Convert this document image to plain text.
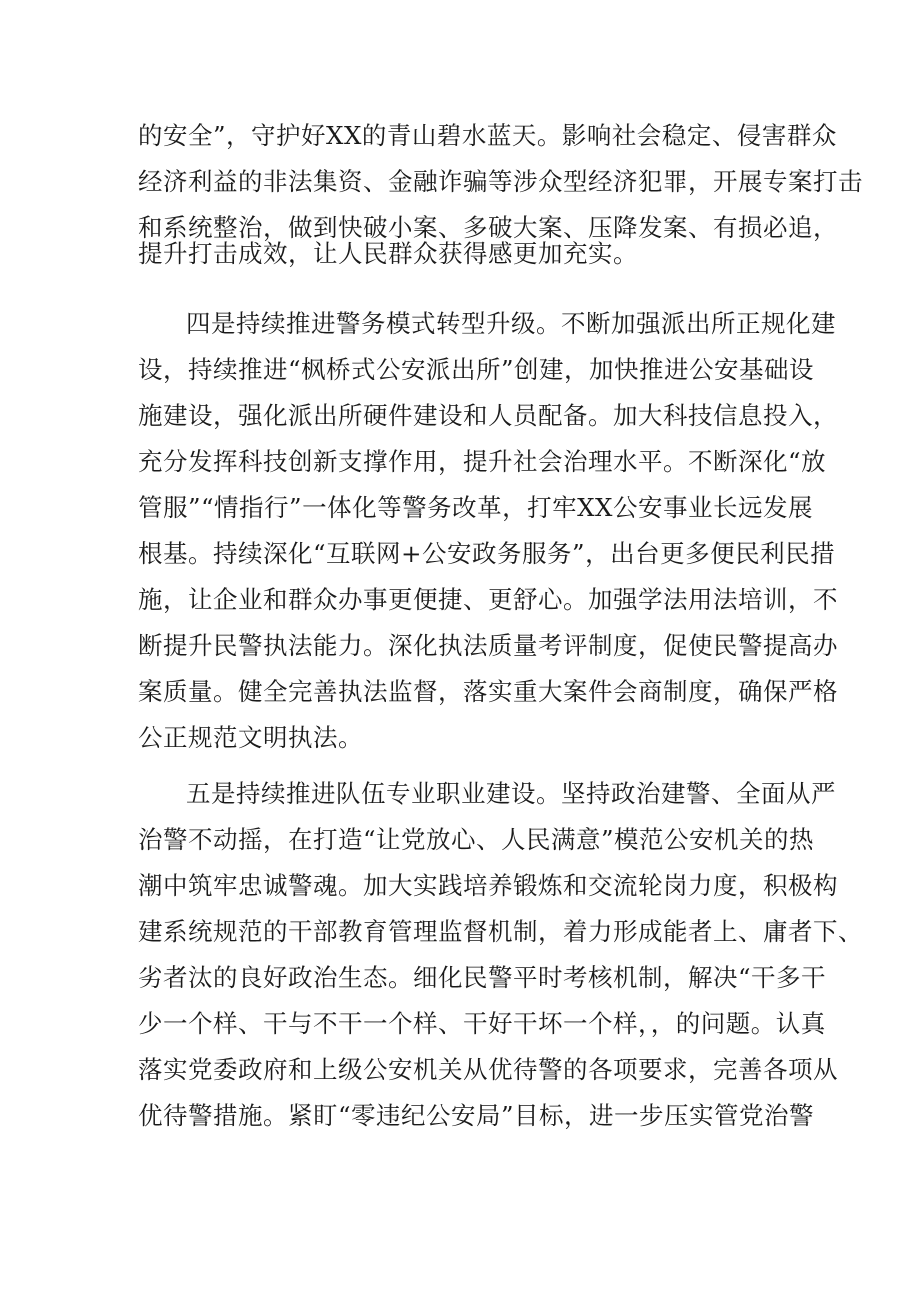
的安全”，守护好XX的青山碧水蓝天。影响社会稳定、侵害群众
经济利益的非法集资、金融诈骗等涉众型经济犯罪，开展专案打击
和系统整治，做到快破小案、多破大案、压降发案、有损必追，
提升打击成效，让人民群众获得感更加充实。
四是持续推进警务模式转型升级。不断加强派出所正规化建
设，持续推进“枫桥式公安派出所”创建，加快推进公安基础设
施建设，强化派出所硬件建设和人员配备。加大科技信息投入，
充分发挥科技创新支撑作用，提升社会治理水平。不断深化“放
管服”“情指行”一体化等警务改革，打牢XX公安事业长远发展
根基。持续深化“互联网+公安政务服务”，出台更多便民利民措
施，让企业和群众办事更便捷、更舒心。加强学法用法培训，不
断提升民警执法能力。深化执法质量考评制度，促使民警提高办
案质量。健全完善执法监督，落实重大案件会商制度，确保严格
公正规范文明执法。
五是持续推进队伍专业职业建设。坚持政治建警、全面从严
治警不动摇，在打造“让党放心、人民满意”模范公安机关的热
潮中筑牢忠诚警魂。加大实践培养锻炼和交流轮岗力度，积极构
建系统规范的干部教育管理监督机制，着力形成能者上、庸者下、
劣者汰的良好政治生态。细化民警平时考核机制，解决“干多干
少一个样、干与不干一个样、干好干坏一个样，，的问题。认真
落实党委政府和上级公安机关从优待警的各项要求，完善各项从
优待警措施。紧盯“零违纪公安局”目标，进一步压实管党治警
